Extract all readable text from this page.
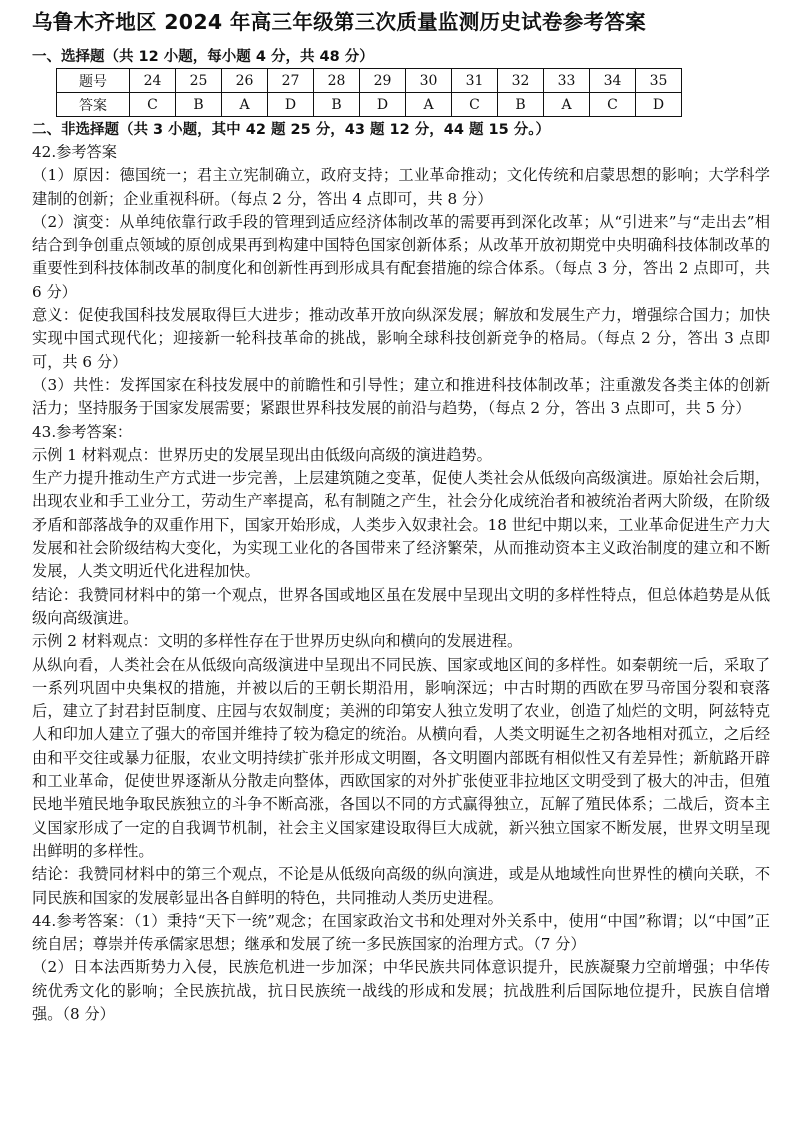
乌鲁木齐地区 2024 年高三年级第三次质量监测历史试卷参考答案

一、选择题（共 12 小题，每小题 4 分，共 48 分）

题号	24	25	26	27	28	29	30	31	32	33	34	35
答案	C	B	A	D	B	D	A	C	B	A	C	D

二、非选择题（共 3 小题，其中 42 题 25 分，43 题 12 分，44 题 15 分。）

42.参考答案

（1）原因：德国统一；君主立宪制确立，政府支持；工业革命推动；文化传统和启蒙思想的影响；大学科学建制的创新；企业重视科研。（每点 2 分，答出 4 点即可，共 8 分）

（2）演变：从单纯依靠行政手段的管理到适应经济体制改革的需要再到深化改革；从“引进来”与“走出去”相结合到争创重点领域的原创成果再到构建中国特色国家创新体系；从改革开放初期党中央明确科技体制改革的重要性到科技体制改革的制度化和创新性再到形成具有配套措施的综合体系。（每点 3 分，答出 2 点即可，共 6 分）

意义：促使我国科技发展取得巨大进步；推动改革开放向纵深发展；解放和发展生产力，增强综合国力；加快实现中国式现代化；迎接新一轮科技革命的挑战，影响全球科技创新竞争的格局。（每点 2 分，答出 3 点即可，共 6 分）

（3）共性：发挥国家在科技发展中的前瞻性和引导性；建立和推进科技体制改革；注重激发各类主体的创新活力；坚持服务于国家发展需要；紧跟世界科技发展的前沿与趋势，（每点 2 分，答出 3 点即可，共 5 分）

43.参考答案：

示例 1 材料观点：世界历史的发展呈现出由低级向高级的演进趋势。

生产力提升推动生产方式进一步完善，上层建筑随之变革，促使人类社会从低级向高级演进。原始社会后期，出现农业和手工业分工，劳动生产率提高，私有制随之产生，社会分化成统治者和被统治者两大阶级，在阶级矛盾和部落战争的双重作用下，国家开始形成，人类步入奴隶社会。18 世纪中期以来，工业革命促进生产力大发展和社会阶级结构大变化，为实现工业化的各国带来了经济繁荣，从而推动资本主义政治制度的建立和不断发展，人类文明近代化进程加快。

结论：我赞同材料中的第一个观点，世界各国或地区虽在发展中呈现出文明的多样性特点，但总体趋势是从低级向高级演进。

示例 2 材料观点：文明的多样性存在于世界历史纵向和横向的发展进程。

从纵向看，人类社会在从低级向高级演进中呈现出不同民族、国家或地区间的多样性。如秦朝统一后，采取了一系列巩固中央集权的措施，并被以后的王朝长期沿用，影响深远；中古时期的西欧在罗马帝国分裂和衰落后，建立了封君封臣制度、庄园与农奴制度；美洲的印第安人独立发明了农业，创造了灿烂的文明，阿兹特克人和印加人建立了强大的帝国并维持了较为稳定的统治。从横向看，人类文明诞生之初各地相对孤立，之后经由和平交往或暴力征服，农业文明持续扩张并形成文明圈，各文明圈内部既有相似性又有差异性；新航路开辟和工业革命，促使世界逐渐从分散走向整体，西欧国家的对外扩张使亚非拉地区文明受到了极大的冲击，但殖民地半殖民地争取民族独立的斗争不断高涨，各国以不同的方式赢得独立，瓦解了殖民体系；二战后，资本主义国家形成了一定的自我调节机制，社会主义国家建设取得巨大成就，新兴独立国家不断发展，世界文明呈现出鲜明的多样性。

结论：我赞同材料中的第三个观点，不论是从低级向高级的纵向演进，或是从地域性向世界性的横向关联，不同民族和国家的发展彰显出各自鲜明的特色，共同推动人类历史进程。

44.参考答案：（1）秉持“天下一统”观念；在国家政治文书和处理对外关系中，使用“中国”称谓；以“中国”正统自居；尊崇并传承儒家思想；继承和发展了统一多民族国家的治理方式。（7 分）

（2）日本法西斯势力入侵，民族危机进一步加深；中华民族共同体意识提升，民族凝聚力空前增强；中华传统优秀文化的影响；全民族抗战，抗日民族统一战线的形成和发展；抗战胜利后国际地位提升，民族自信增强。（8 分）
